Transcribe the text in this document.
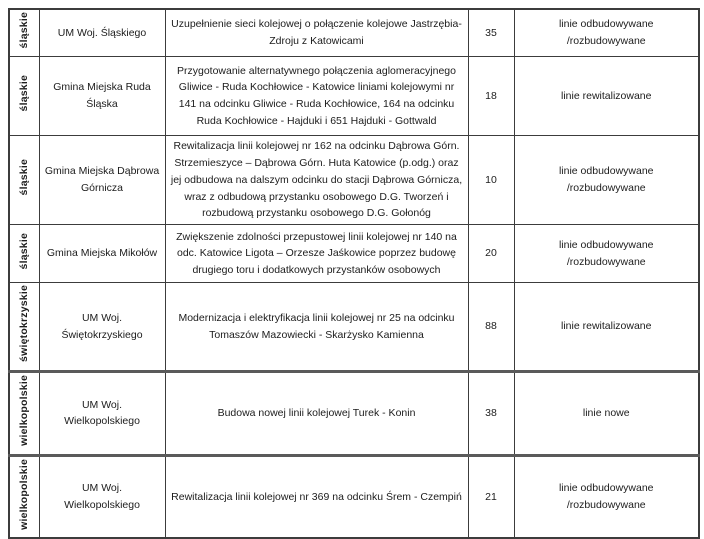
śląskie	UM Woj. Śląskiego	Uzupełnienie sieci kolejowej o połączenie kolejowe Jastrzębia-Zdroju z Katowicami	35	linie odbudowywane /rozbudowywane
śląskie	Gmina Miejska Ruda Śląska	Przygotowanie alternatywnego połączenia aglomeracyjnego Gliwice - Ruda Kochłowice - Katowice liniami kolejowymi nr 141 na odcinku Gliwice - Ruda Kochłowice, 164 na odcinku Ruda Kochłowice - Hajduki i 651 Hajduki - Gottwald	18	linie rewitalizowane
śląskie	Gmina Miejska Dąbrowa Górnicza	Rewitalizacja linii kolejowej nr 162 na odcinku Dąbrowa Górn. Strzemieszyce – Dąbrowa Górn. Huta Katowice (p.odg.) oraz jej odbudowa na dalszym odcinku do stacji Dąbrowa Górnicza, wraz z odbudową przystanku osobowego D.G. Tworzeń i rozbudową przystanku osobowego D.G. Gołonóg	10	linie odbudowywane /rozbudowywane
śląskie	Gmina Miejska Mikołów	Zwiększenie zdolności przepustowej linii kolejowej nr 140 na odc. Katowice Ligota – Orzesze Jaśkowice poprzez budowę drugiego toru i dodatkowych przystanków osobowych	20	linie odbudowywane /rozbudowywane
świętokrzyskie	UM Woj. Świętokrzyskiego	Modernizacja i elektryfikacja linii kolejowej nr 25 na odcinku Tomaszów Mazowiecki - Skarżysko Kamienna	88	linie rewitalizowane
wielkopolskie	UM Woj. Wielkopolskiego	Budowa nowej linii kolejowej Turek - Konin	38	linie nowe
wielkopolskie	UM Woj. Wielkopolskiego	Rewitalizacja linii kolejowej nr 369 na odcinku Śrem - Czempiń	21	linie odbudowywane /rozbudowywane
